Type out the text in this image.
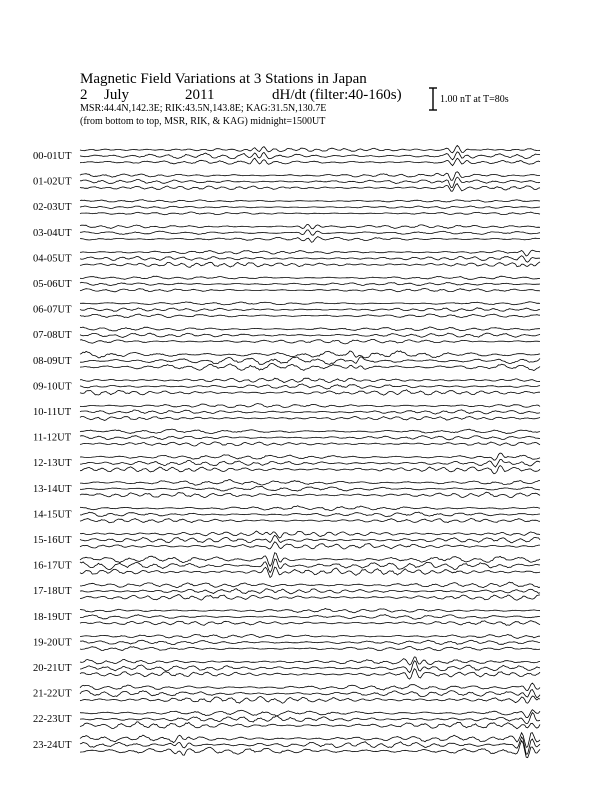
Magnetic Field Variations at 3 Stations in Japan
2 July	2011	dH/dt (filter:40-160s)
MSR:44.4N,142.3E; RIK:43.5N,143.8E; KAG:31.5N,130.7E
(from bottom to top, MSR, RIK, & KAG) midnight=1500UT
1.00 nT at T=80s
00-01UT
01-02UT
02-03UT
03-04UT
04-05UT
05-06UT
06-07UT
07-08UT
08-09UT
09-10UT
10-11UT
11-12UT
12-13UT
13-14UT
14-15UT
15-16UT
16-17UT
17-18UT
18-19UT
19-20UT
20-21UT
21-22UT
22-23UT
23-24UT
